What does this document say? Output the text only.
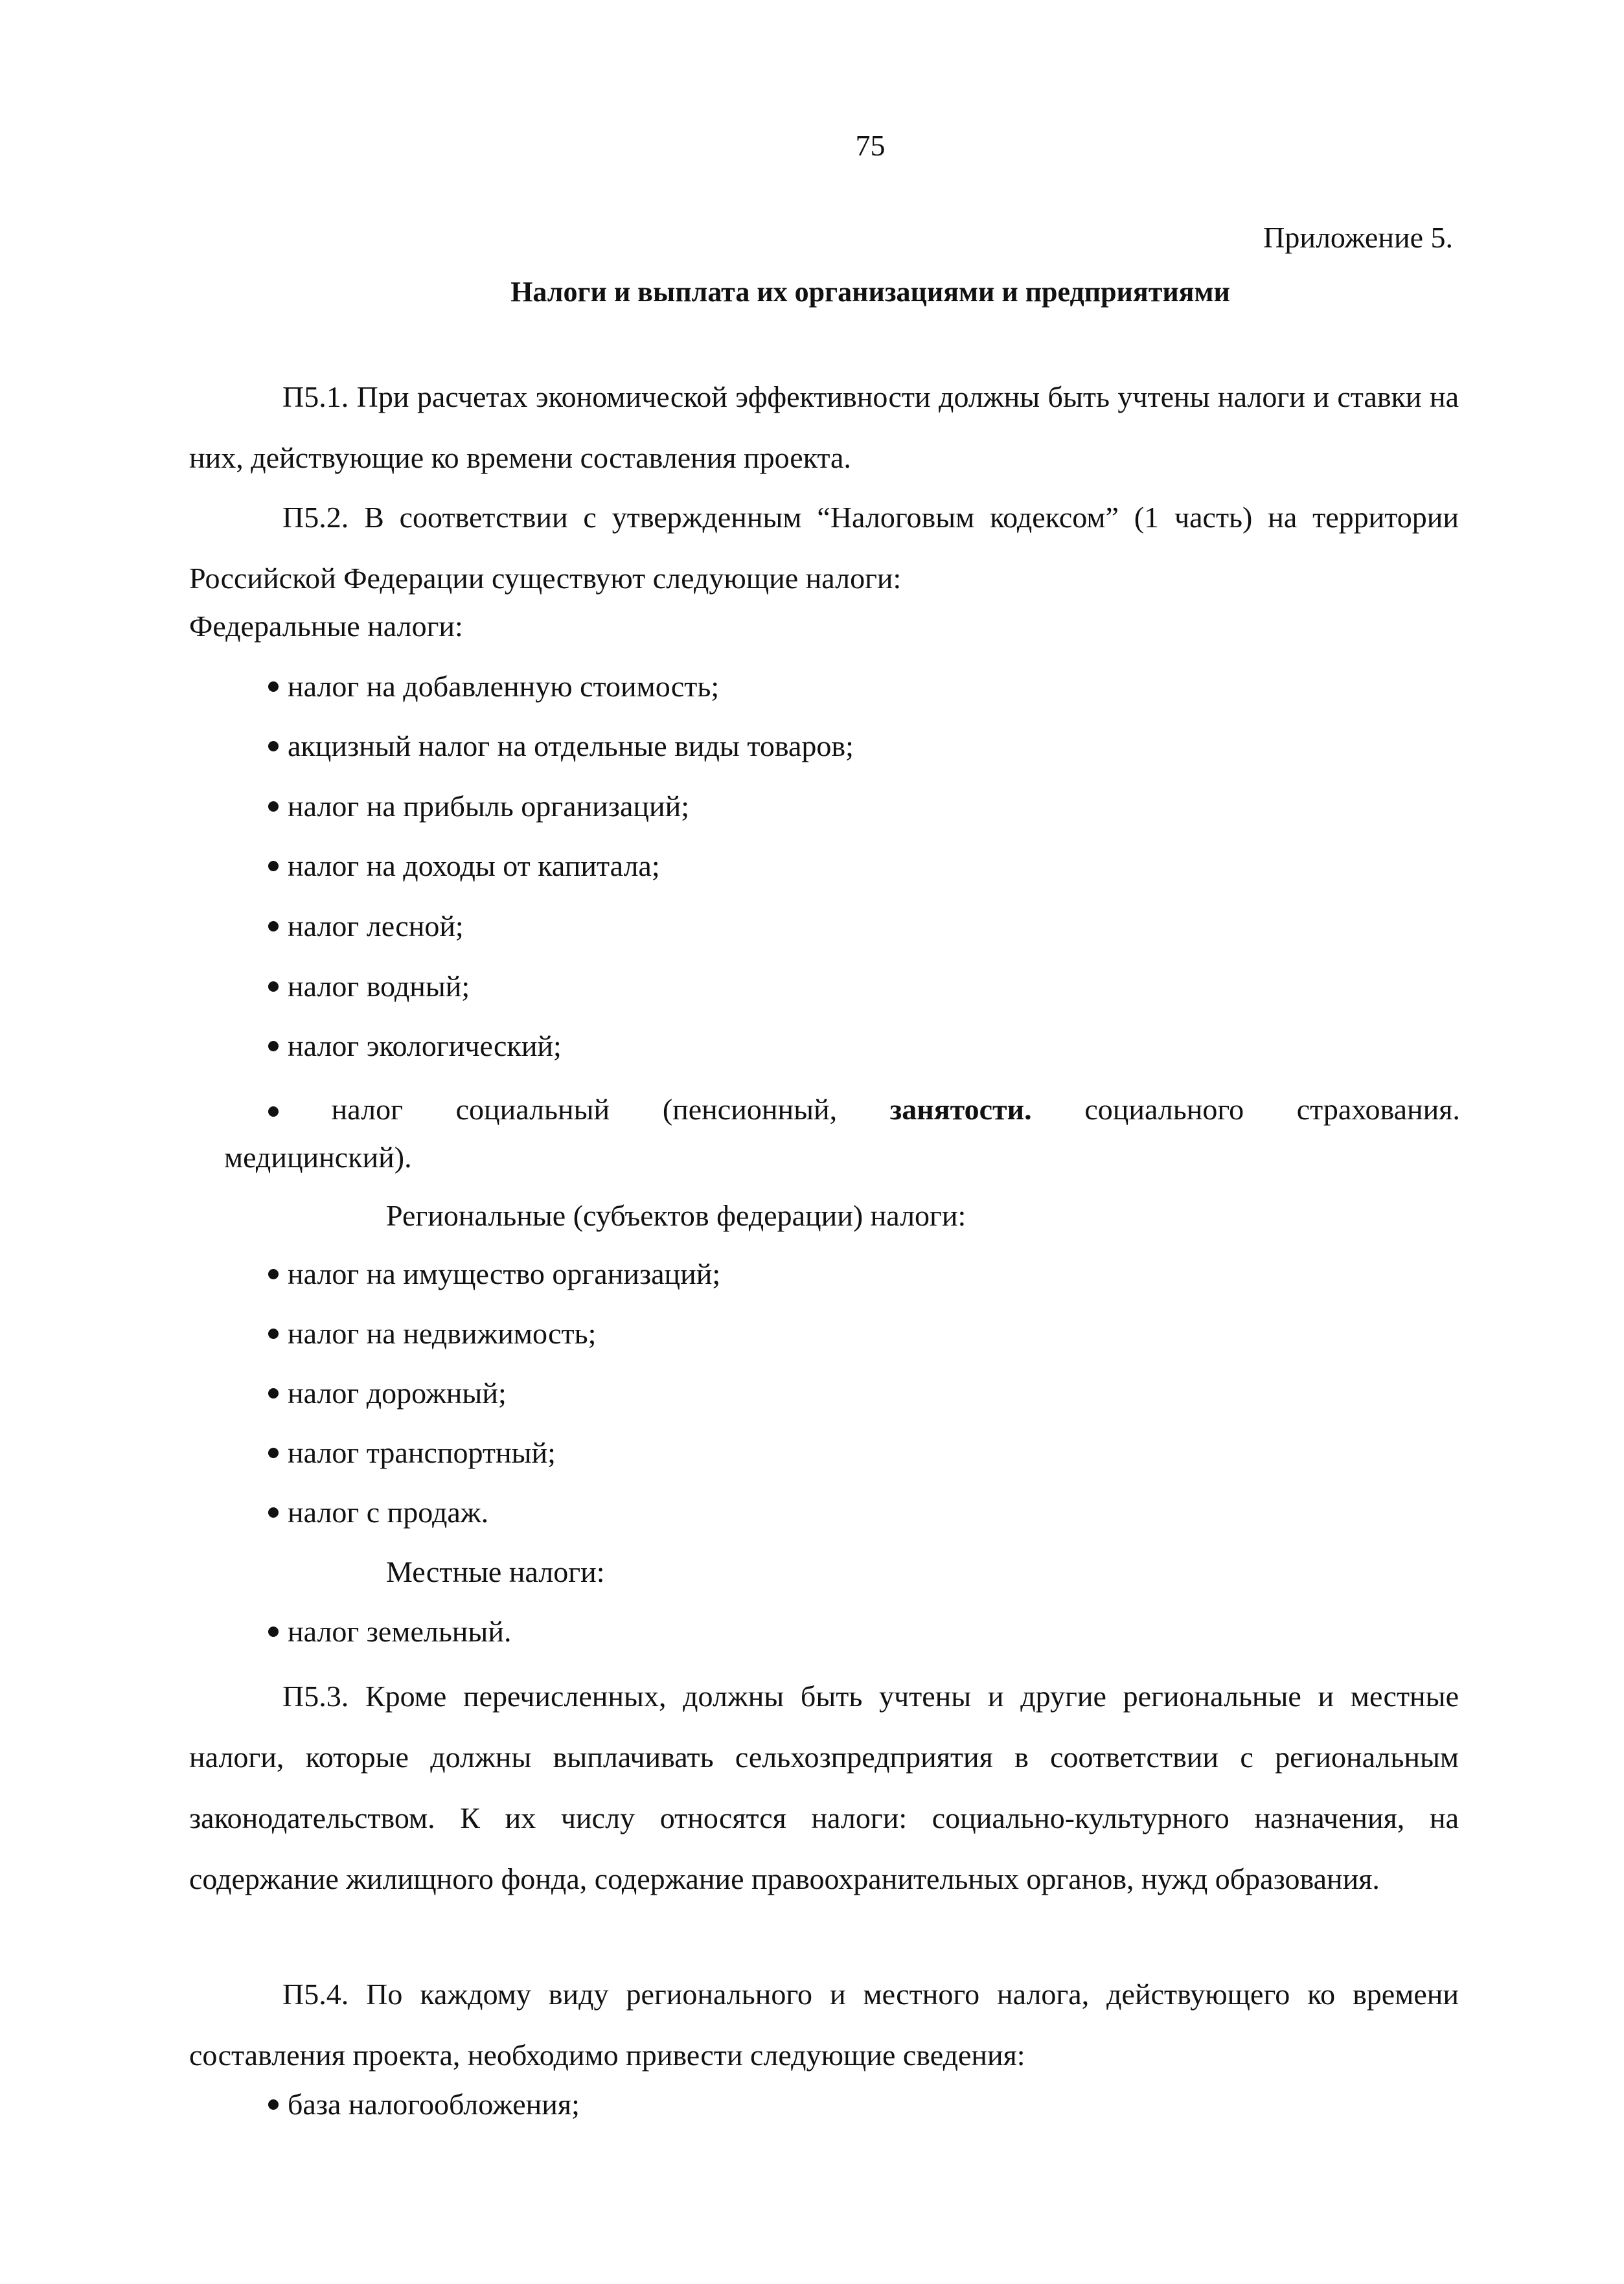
75
Приложение 5.
Налоги и выплата их организациями и предприятиями
П5.1. При расчетах экономической эффективности должны быть учтены налоги и ставки на них, действующие ко времени составления проекта.
П5.2. В соответствии с утвержденным “Налоговым кодексом” (1 часть) на территории Российской Федерации существуют следующие налоги:
Федеральные налоги:
налог на добавленную стоимость;
акцизный налог на отдельные виды товаров;
налог на прибыль организаций;
налог на доходы от капитала;
налог лесной;
налог водный;
налог экологический;
налог социальный (пенсионный, занятости. социального страхования.
медицинский).
Региональные (субъектов федерации) налоги:
налог на имущество организаций;
налог на недвижимость;
налог дорожный;
налог транспортный;
налог с продаж.
Местные налоги:
налог земельный.
П5.3. Кроме перечисленных, должны быть учтены и другие региональные и местные налоги, которые должны выплачивать сельхозпредприятия в соответствии с региональным законодательством. К их числу относятся налоги: социально-культурного назначения, на содержание жилищного фонда, содержание правоохранительных органов, нужд образования.
П5.4. По каждому виду регионального и местного налога, действующего ко времени составления проекта, необходимо привести следующие сведения:
база налогообложения;
